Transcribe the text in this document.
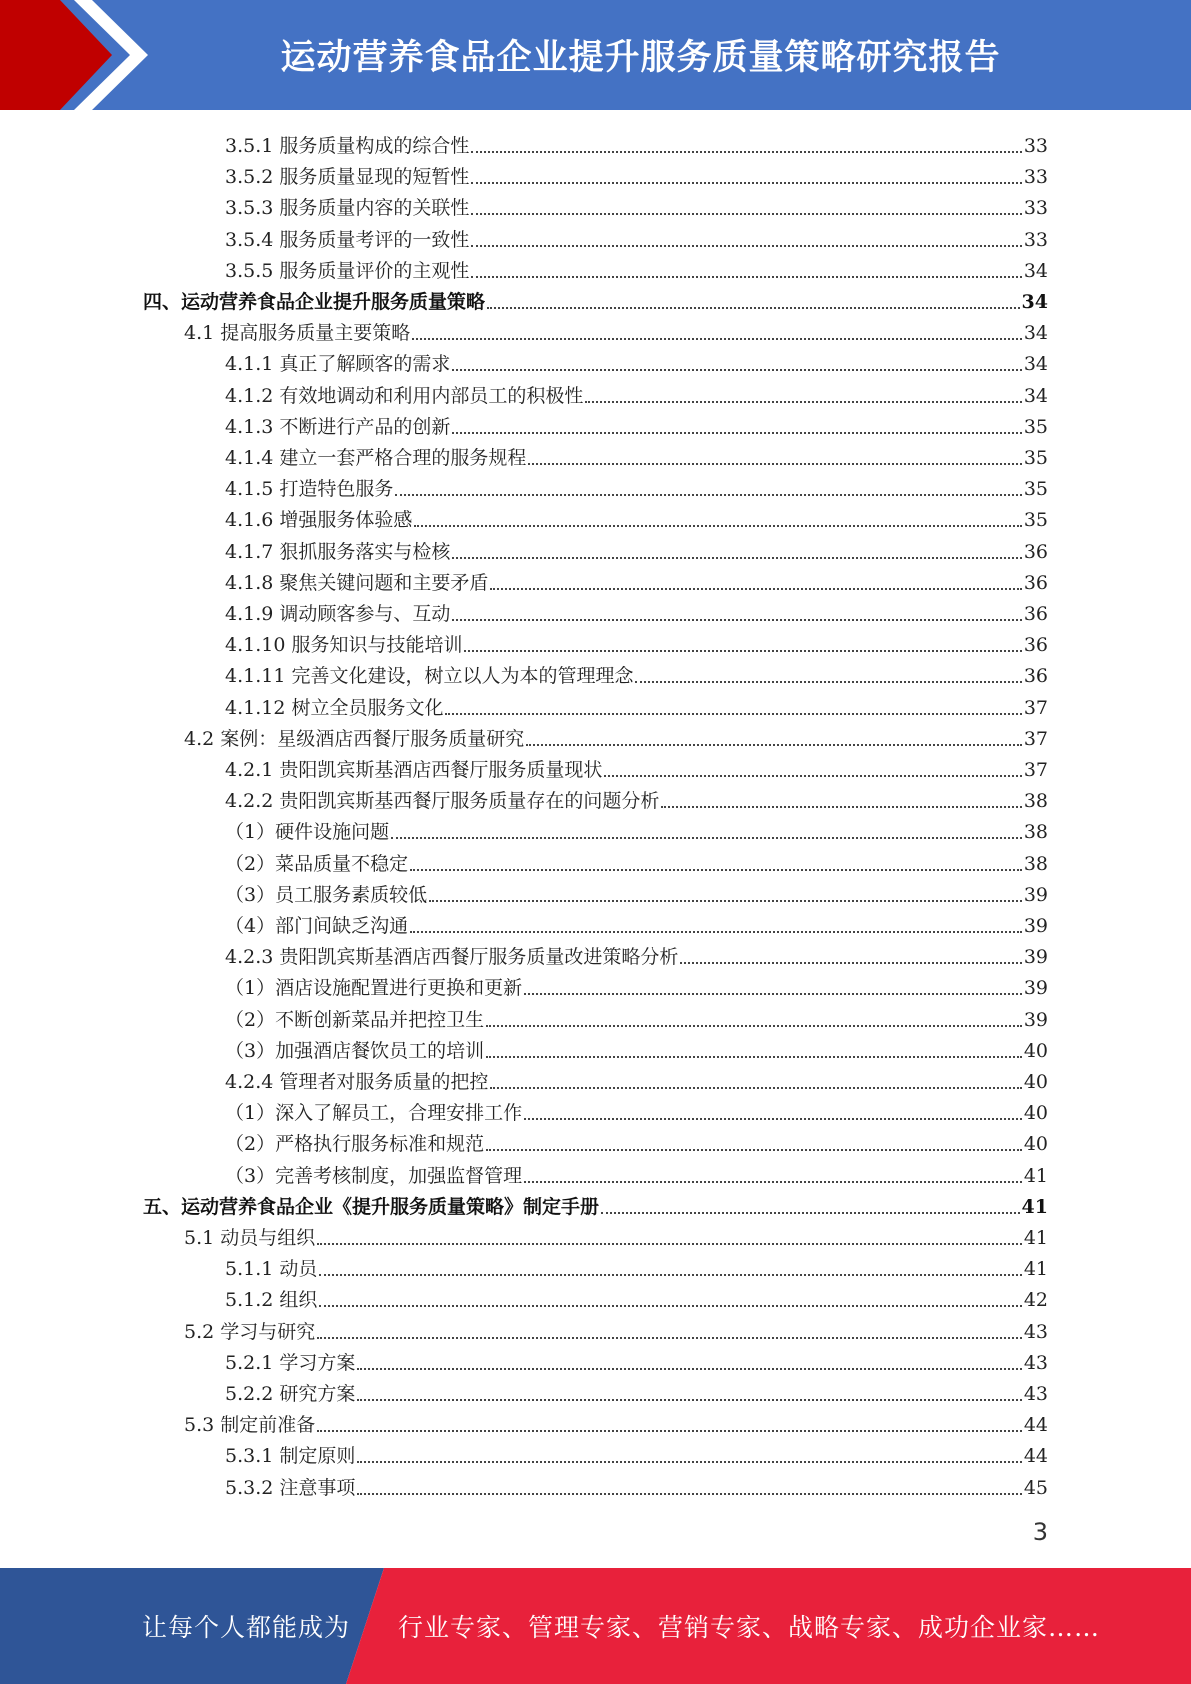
运动营养食品企业提升服务质量策略研究报告
3.5.1 服务质量构成的综合性	33
3.5.2 服务质量显现的短暂性	33
3.5.3 服务质量内容的关联性	33
3.5.4 服务质量考评的一致性	33
3.5.5 服务质量评价的主观性	34
四、运动营养食品企业提升服务质量策略	34
4.1 提高服务质量主要策略	34
4.1.1 真正了解顾客的需求	34
4.1.2 有效地调动和利用内部员工的积极性	34
4.1.3 不断进行产品的创新	35
4.1.4 建立一套严格合理的服务规程	35
4.1.5 打造特色服务	35
4.1.6 增强服务体验感	35
4.1.7 狠抓服务落实与检核	36
4.1.8 聚焦关键问题和主要矛盾	36
4.1.9 调动顾客参与、互动	36
4.1.10 服务知识与技能培训	36
4.1.11 完善文化建设，树立以人为本的管理理念	36
4.1.12 树立全员服务文化	37
4.2 案例：星级酒店西餐厅服务质量研究	37
4.2.1 贵阳凯宾斯基酒店西餐厅服务质量现状	37
4.2.2 贵阳凯宾斯基西餐厅服务质量存在的问题分析	38
（1）硬件设施问题	38
（2）菜品质量不稳定	38
（3）员工服务素质较低	39
（4）部门间缺乏沟通	39
4.2.3 贵阳凯宾斯基酒店西餐厅服务质量改进策略分析	39
（1）酒店设施配置进行更换和更新	39
（2）不断创新菜品并把控卫生	39
（3）加强酒店餐饮员工的培训	40
4.2.4 管理者对服务质量的把控	40
（1）深入了解员工，合理安排工作	40
（2）严格执行服务标准和规范	40
（3）完善考核制度，加强监督管理	41
五、运动营养食品企业《提升服务质量策略》制定手册	41
5.1 动员与组织	41
5.1.1 动员	41
5.1.2 组织	42
5.2 学习与研究	43
5.2.1 学习方案	43
5.2.2 研究方案	43
5.3 制定前准备	44
5.3.1 制定原则	44
5.3.2 注意事项	45
3
让每个人都能成为 行业专家、管理专家、营销专家、战略专家、成功企业家……
